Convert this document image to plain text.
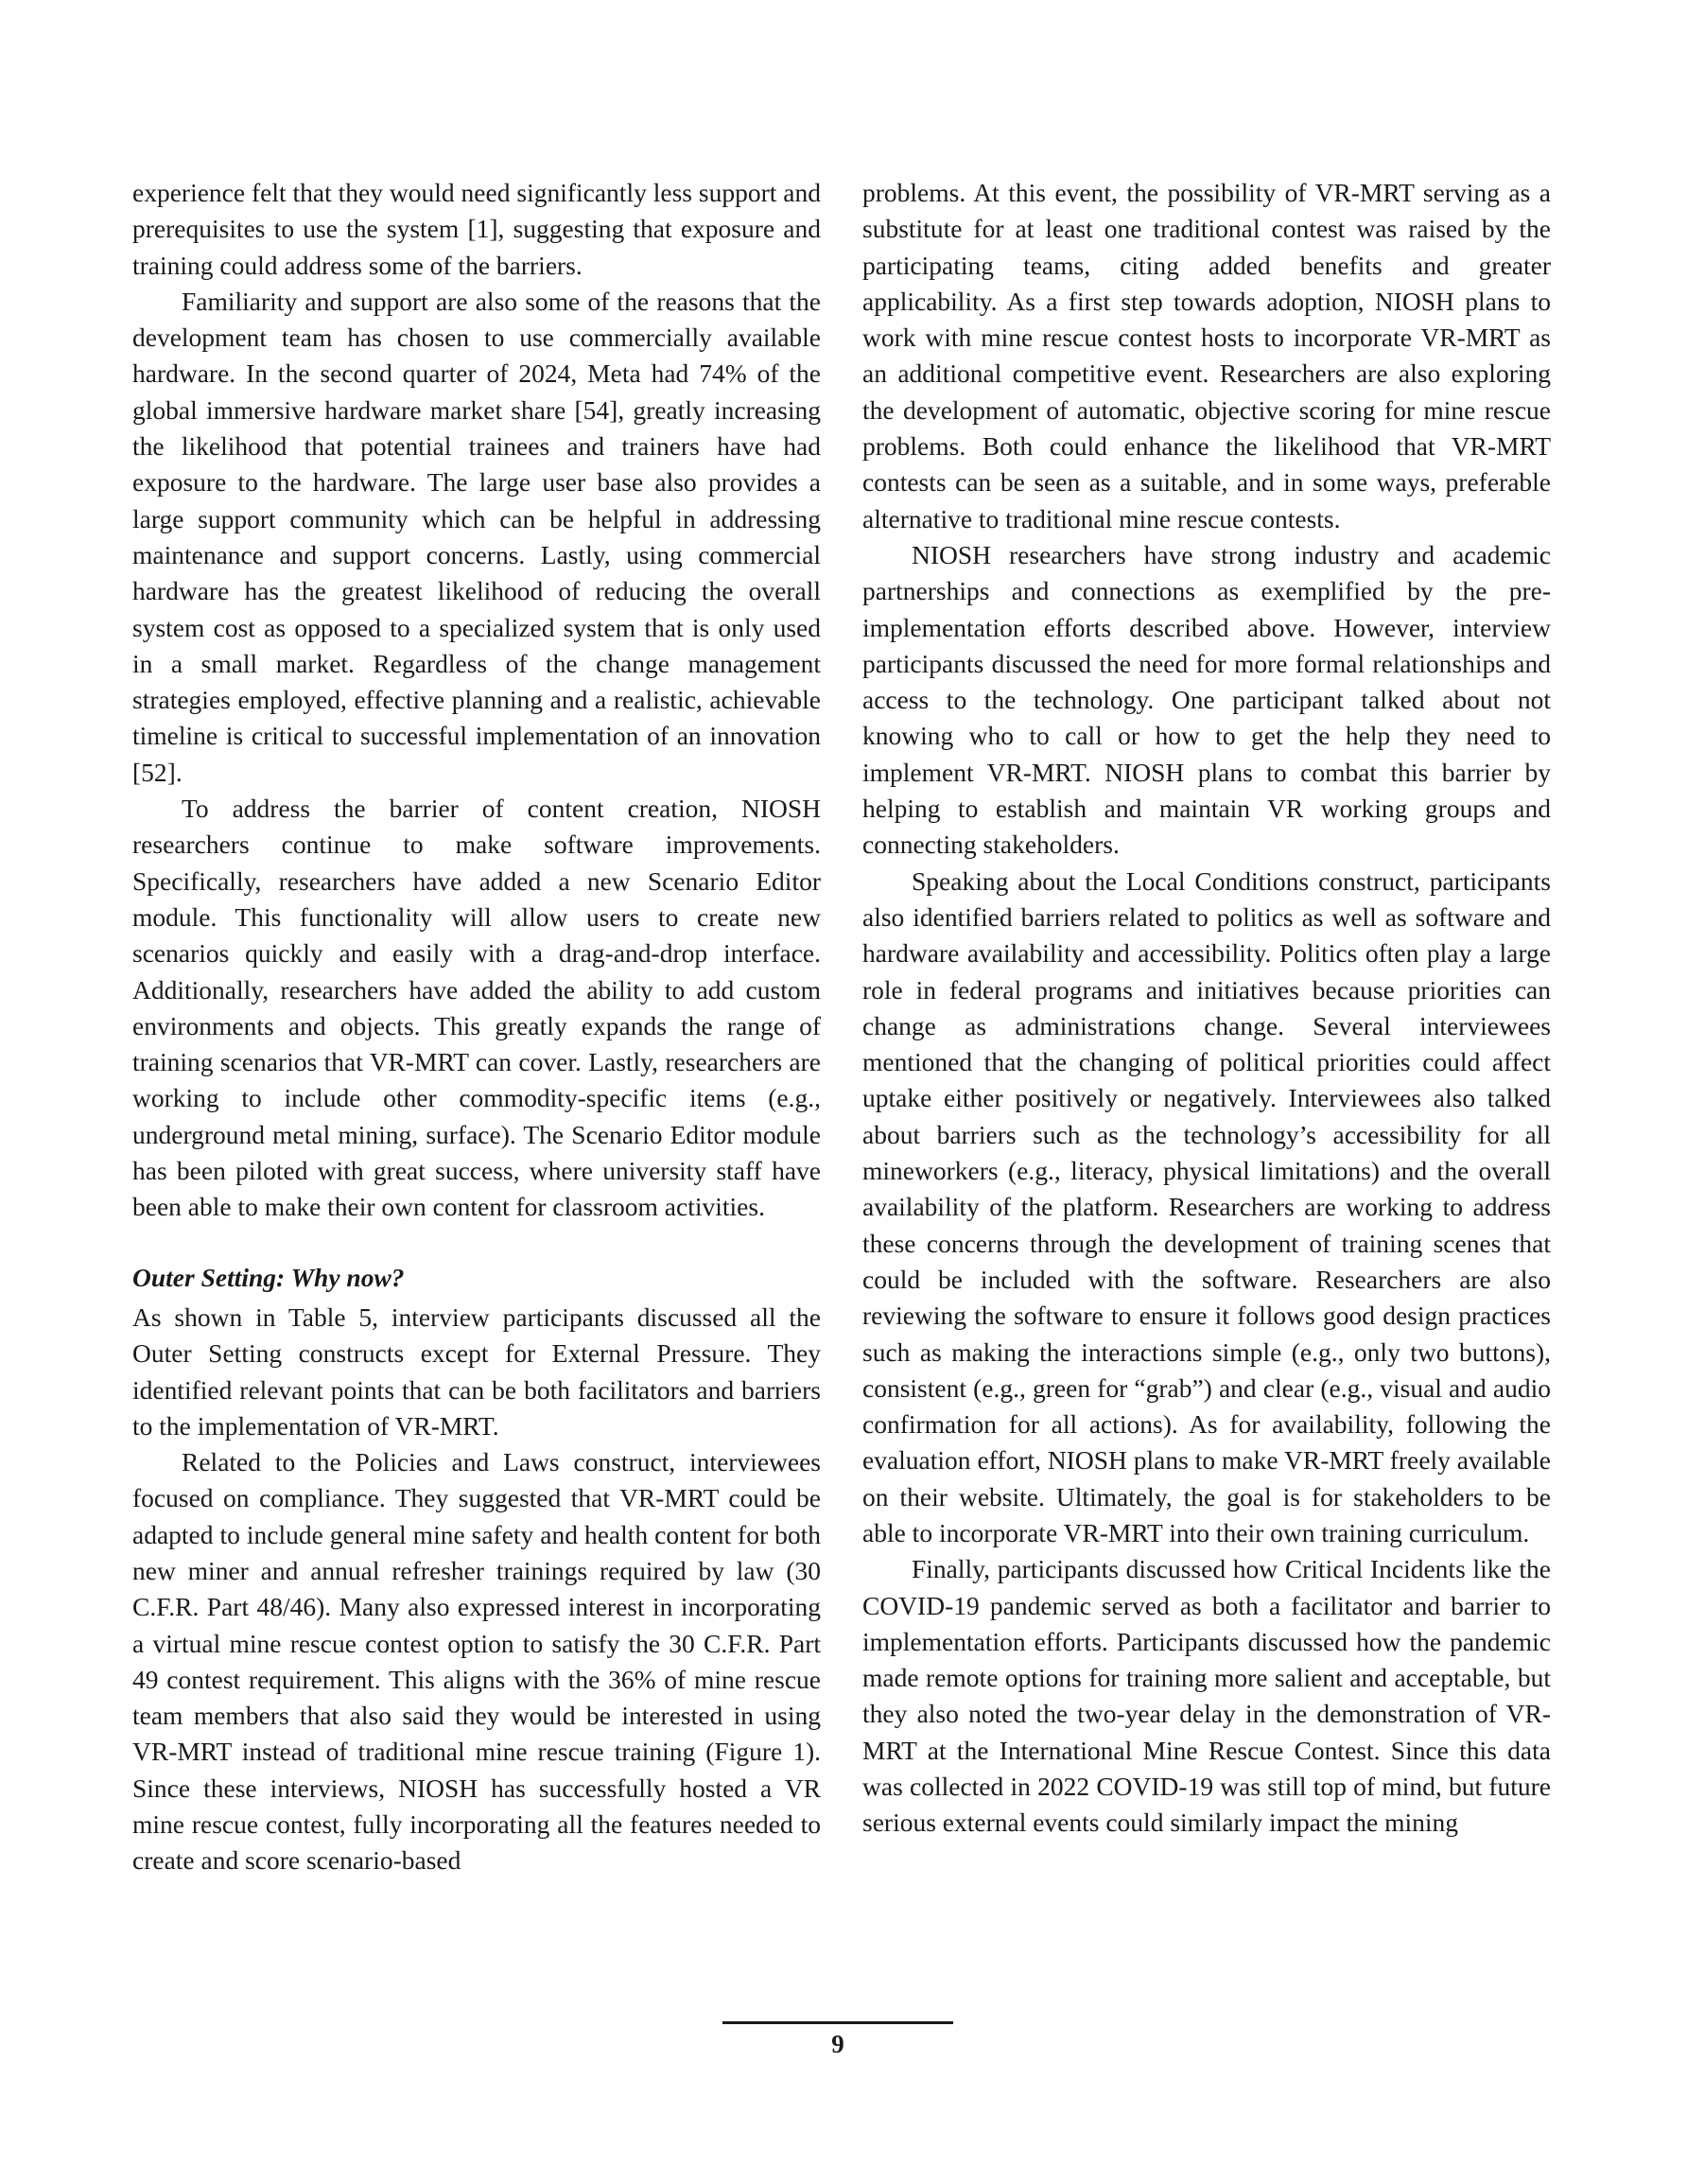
experience felt that they would need significantly less support and prerequisites to use the system [1], suggesting that exposure and training could address some of the barriers.

Familiarity and support are also some of the reasons that the development team has chosen to use commercially available hardware. In the second quarter of 2024, Meta had 74% of the global immersive hardware market share [54], greatly increasing the likelihood that potential trainees and trainers have had exposure to the hardware. The large user base also provides a large support community which can be helpful in addressing maintenance and support concerns. Lastly, using commercial hardware has the greatest likelihood of reducing the overall system cost as opposed to a specialized system that is only used in a small market. Regardless of the change management strategies employed, effective planning and a realistic, achievable timeline is critical to successful implementation of an innovation [52].

To address the barrier of content creation, NIOSH researchers continue to make software improvements. Specifically, researchers have added a new Scenario Editor module. This functionality will allow users to create new scenarios quickly and easily with a drag-and-drop interface. Additionally, researchers have added the ability to add custom environments and objects. This greatly expands the range of training scenarios that VR-MRT can cover. Lastly, researchers are working to include other commodity-specific items (e.g., underground metal mining, surface). The Scenario Editor module has been piloted with great success, where university staff have been able to make their own content for classroom activities.

Outer Setting: Why now?

As shown in Table 5, interview participants discussed all the Outer Setting constructs except for External Pressure. They identified relevant points that can be both facilitators and barriers to the implementation of VR-MRT.

Related to the Policies and Laws construct, interviewees focused on compliance. They suggested that VR-MRT could be adapted to include general mine safety and health content for both new miner and annual refresher trainings required by law (30 C.F.R. Part 48/46). Many also expressed interest in incorporating a virtual mine rescue contest option to satisfy the 30 C.F.R. Part 49 contest requirement. This aligns with the 36% of mine rescue team members that also said they would be interested in using VR-MRT instead of traditional mine rescue training (Figure 1). Since these interviews, NIOSH has successfully hosted a VR mine rescue contest, fully incorporating all the features needed to create and score scenario-based

problems. At this event, the possibility of VR-MRT serving as a substitute for at least one traditional contest was raised by the participating teams, citing added benefits and greater applicability. As a first step towards adoption, NIOSH plans to work with mine rescue contest hosts to incorporate VR-MRT as an additional competitive event. Researchers are also exploring the development of automatic, objective scoring for mine rescue problems. Both could enhance the likelihood that VR-MRT contests can be seen as a suitable, and in some ways, preferable alternative to traditional mine rescue contests.

NIOSH researchers have strong industry and academic partnerships and connections as exemplified by the pre-implementation efforts described above. However, interview participants discussed the need for more formal relationships and access to the technology. One participant talked about not knowing who to call or how to get the help they need to implement VR-MRT. NIOSH plans to combat this barrier by helping to establish and maintain VR working groups and connecting stakeholders.

Speaking about the Local Conditions construct, participants also identified barriers related to politics as well as software and hardware availability and accessibility. Politics often play a large role in federal programs and initiatives because priorities can change as administrations change. Several interviewees mentioned that the changing of political priorities could affect uptake either positively or negatively. Interviewees also talked about barriers such as the technology’s accessibility for all mineworkers (e.g., literacy, physical limitations) and the overall availability of the platform. Researchers are working to address these concerns through the development of training scenes that could be included with the software. Researchers are also reviewing the software to ensure it follows good design practices such as making the interactions simple (e.g., only two buttons), consistent (e.g., green for “grab”) and clear (e.g., visual and audio confirmation for all actions). As for availability, following the evaluation effort, NIOSH plans to make VR-MRT freely available on their website. Ultimately, the goal is for stakeholders to be able to incorporate VR-MRT into their own training curriculum.

Finally, participants discussed how Critical Incidents like the COVID-19 pandemic served as both a facilitator and barrier to implementation efforts. Participants discussed how the pandemic made remote options for training more salient and acceptable, but they also noted the two-year delay in the demonstration of VR-MRT at the International Mine Rescue Contest. Since this data was collected in 2022 COVID-19 was still top of mind, but future serious external events could similarly impact the mining

9
